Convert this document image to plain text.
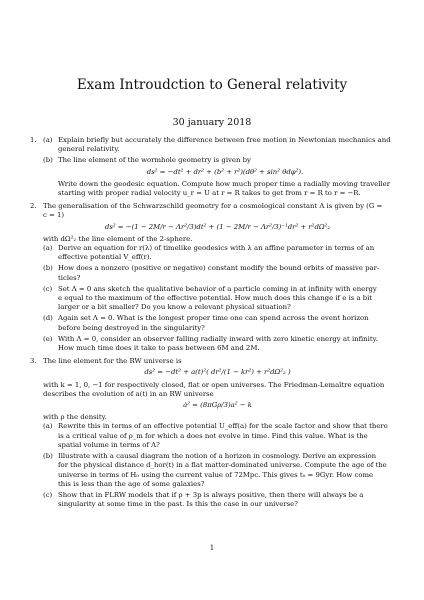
Exam Introudction to General relativity
30 january 2018
1. (a) Explain briefly but accurately the difference between free motion in Newtonian mechanics and
general relativity.
(b) The line element of the wormhole geometry is given by
ds² = −dt² + dr² + (b² + r²)(dθ² + sin² θdφ²).
Write down the geodesic equation. Compute how much proper time a radially moving traveller
starting with proper radial velocity u_r = U at r = R takes to get from r = R to r = −R.
2. The generalisation of the Schwarzschild geometry for a cosmological constant Λ is given by (G =
c = 1)
ds² = −(1 − 2M/r − Λr²/3)dt² + (1 − 2M/r − Λr²/3)⁻¹dr² + r²dΩ²₂
with dΩ²₂ the line element of the 2-sphere.
(a) Derive an equation for r(λ) of timelike geodesics with λ an affine parameter in terms of an
effective potential V_eff(r).
(b) How does a nonzero (positive or negative) constant modify the bound orbits of massive par-
ticles?
(c) Set Λ = 0 ans sketch the qualitative behavior of a particle coming in at infinity with energy
e equal to the maximum of the effective potential. How much does this change if e is a bit
larger or a bit smaller? Do you know a relevant physical situation?
(d) Again set Λ = 0. What is the longest proper time one can spend across the event horizon
before being destroyed in the singularity?
(e) With Λ = 0, consider an observer falling radially inward with zero kinetic energy at infinity.
How much time does it take to pass between 6M and 2M.
3. The line element for the RW universe is
ds² = −dt² + a(t)²( dr²/(1 − kr²) + r²dΩ²₂ )
with k = 1, 0, −1 for respectively closed, flat or open universes. The Friedman-Lemaître equation
describes the evolution of a(t) in an RW universe
ȧ² = (8πGρ/3)a² − k
with ρ the density.
(a) Rewrite this in terms of an effective potential U_eff(a) for the scale factor and show that there
is a critical value of ρ_m for which a does not evolve in time. Find this value. What is the
spatial volume in terms of Λ?
(b) Illustrate with a causal diagram the notion of a horizon in cosmology. Derive an expression
for the physical distance d_hor(t) in a flat matter-dominated universe. Compute the age of the
universe in terms of H₀ using the current value of 72Mpc. This gives t₀ = 9Gyr. How come
this is less than the age of some galaxies?
(c) Show that in FLRW models that if ρ + 3p is always positive, then there will always be a
singularity at some time in the past. Is this the case in our universe?
1
